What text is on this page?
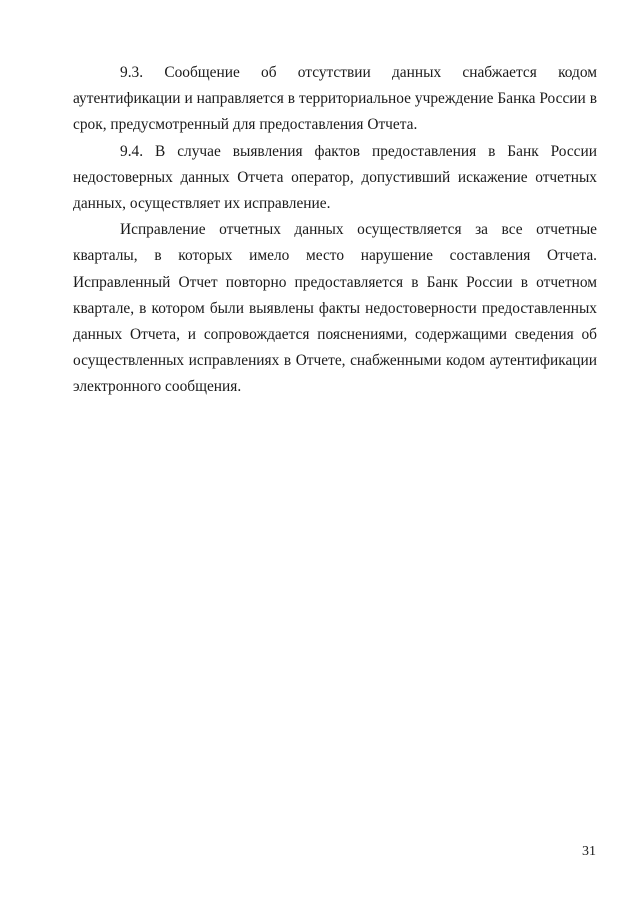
9.3. Сообщение об отсутствии данных снабжается кодом аутентификации и направляется в территориальное учреждение Банка России в срок, предусмотренный для предоставления Отчета.

9.4. В случае выявления фактов предоставления в Банк России недостоверных данных Отчета оператор, допустивший искажение отчетных данных, осуществляет их исправление.

Исправление отчетных данных осуществляется за все отчетные кварталы, в которых имело место нарушение составления Отчета. Исправленный Отчет повторно предоставляется в Банк России в отчетном квартале, в котором были выявлены факты недостоверности предоставленных данных Отчета, и сопровождается пояснениями, содержащими сведения об осуществленных исправлениях в Отчете, снабженными кодом аутентификации электронного сообщения.

31
